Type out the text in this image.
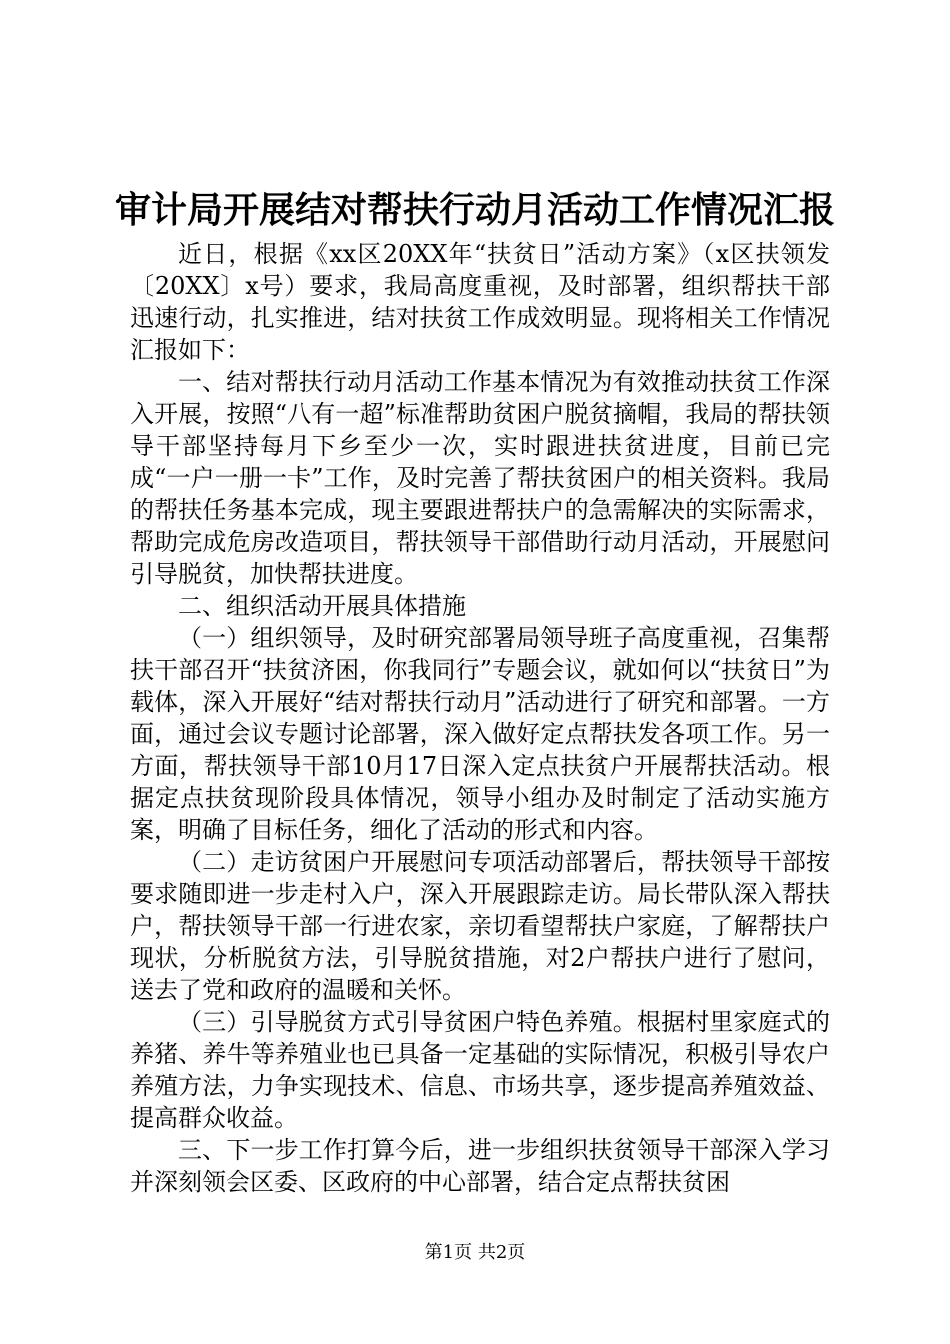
审计局开展结对帮扶行动月活动工作情况汇报

近日，根据《xx区20XX年“扶贫日”活动方案》（x区扶领发〔20XX〕x号）要求，我局高度重视，及时部署，组织帮扶干部迅速行动，扎实推进，结对扶贫工作成效明显。现将相关工作情况汇报如下：

一、结对帮扶行动月活动工作基本情况为有效推动扶贫工作深入开展，按照“八有一超”标准帮助贫困户脱贫摘帽，我局的帮扶领导干部坚持每月下乡至少一次，实时跟进扶贫进度，目前已完成“一户一册一卡”工作，及时完善了帮扶贫困户的相关资料。我局的帮扶任务基本完成，现主要跟进帮扶户的急需解决的实际需求，帮助完成危房改造项目，帮扶领导干部借助行动月活动，开展慰问引导脱贫，加快帮扶进度。

二、组织活动开展具体措施

（一）组织领导，及时研究部署局领导班子高度重视，召集帮扶干部召开“扶贫济困，你我同行”专题会议，就如何以“扶贫日”为载体，深入开展好“结对帮扶行动月”活动进行了研究和部署。一方面，通过会议专题讨论部署，深入做好定点帮扶发各项工作。另一方面，帮扶领导干部10月17日深入定点扶贫户开展帮扶活动。根据定点扶贫现阶段具体情况，领导小组办及时制定了活动实施方案，明确了目标任务，细化了活动的形式和内容。

（二）走访贫困户开展慰问专项活动部署后，帮扶领导干部按要求随即进一步走村入户，深入开展跟踪走访。局长带队深入帮扶户，帮扶领导干部一行进农家，亲切看望帮扶户家庭，了解帮扶户现状，分析脱贫方法，引导脱贫措施，对2户帮扶户进行了慰问，送去了党和政府的温暖和关怀。

（三）引导脱贫方式引导贫困户特色养殖。根据村里家庭式的养猪、养牛等养殖业也已具备一定基础的实际情况，积极引导农户养殖方法，力争实现技术、信息、市场共享，逐步提高养殖效益、提高群众收益。

三、下一步工作打算今后，进一步组织扶贫领导干部深入学习并深刻领会区委、区政府的中心部署，结合定点帮扶贫困

第1页 共2页
